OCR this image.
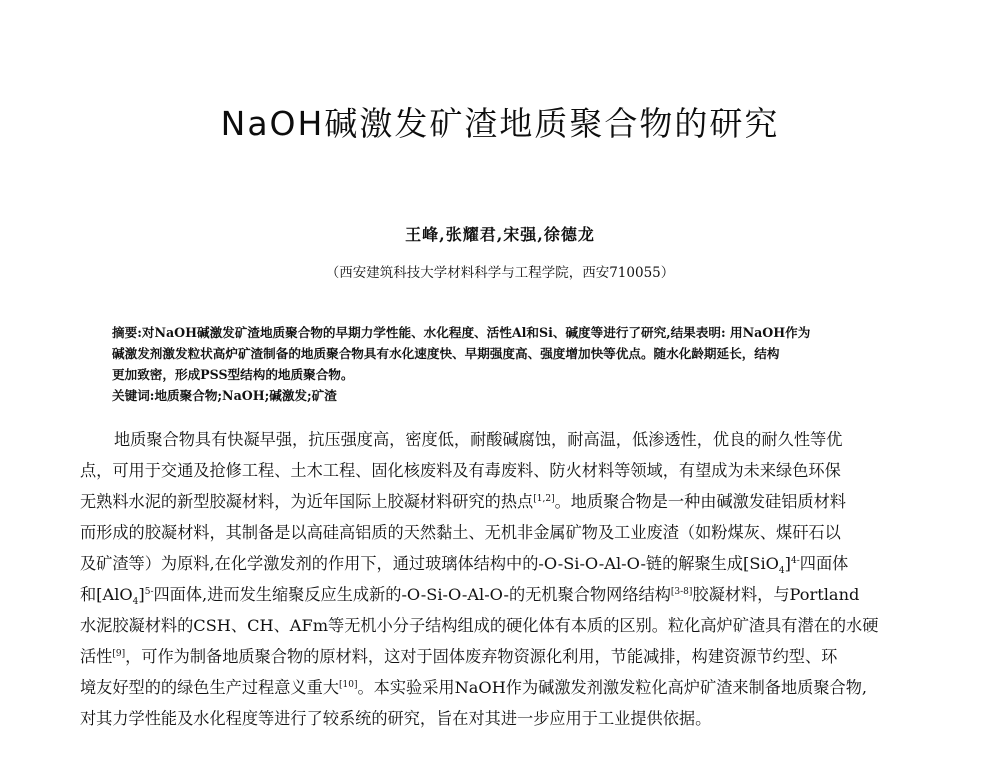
NaOH碱激发矿渣地质聚合物的研究
王峰,张耀君,宋强,徐德龙
（西安建筑科技大学材料科学与工程学院，西安710055）
摘要:对NaOH碱激发矿渣地质聚合物的早期力学性能、水化程度、活性Al和Si、碱度等进行了研究,结果表明: 用NaOH作为
碱激发剂激发粒状高炉矿渣制备的地质聚合物具有水化速度快、早期强度高、强度增加快等优点。随水化龄期延长，结构
更加致密，形成PSS型结构的地质聚合物。
关键词:地质聚合物;NaOH;碱激发;矿渣
地质聚合物具有快凝早强，抗压强度高，密度低，耐酸碱腐蚀，耐高温，低渗透性，优良的耐久性等优
点，可用于交通及抢修工程、土木工程、固化核废料及有毒废料、防火材料等领域，有望成为未来绿色环保
无熟料水泥的新型胶凝材料，为近年国际上胶凝材料研究的热点[1,2]。地质聚合物是一种由碱激发硅铝质材料
而形成的胶凝材料，其制备是以高硅高铝质的天然黏土、无机非金属矿物及工业废渣（如粉煤灰、煤矸石以
及矿渣等）为原料,在化学激发剂的作用下，通过玻璃体结构中的-O-Si-O-Al-O-链的解聚生成$[SiO_4]^{4-}$四面体
和$[AlO_4]^{5-}$四面体,进而发生缩聚反应生成新的-O-Si-O-Al-O-的无机聚合物网络结构[3-8]胶凝材料，与Portland
水泥胶凝材料的CSH、CH、AFm等无机小分子结构组成的硬化体有本质的区别。粒化高炉矿渣具有潜在的水硬
活性[9]，可作为制备地质聚合物的原材料，这对于固体废弃物资源化利用，节能减排，构建资源节约型、环
境友好型的的绿色生产过程意义重大[10]。本实验采用NaOH作为碱激发剂激发粒化高炉矿渣来制备地质聚合物,
对其力学性能及水化程度等进行了较系统的研究，旨在对其进一步应用于工业提供依据。
